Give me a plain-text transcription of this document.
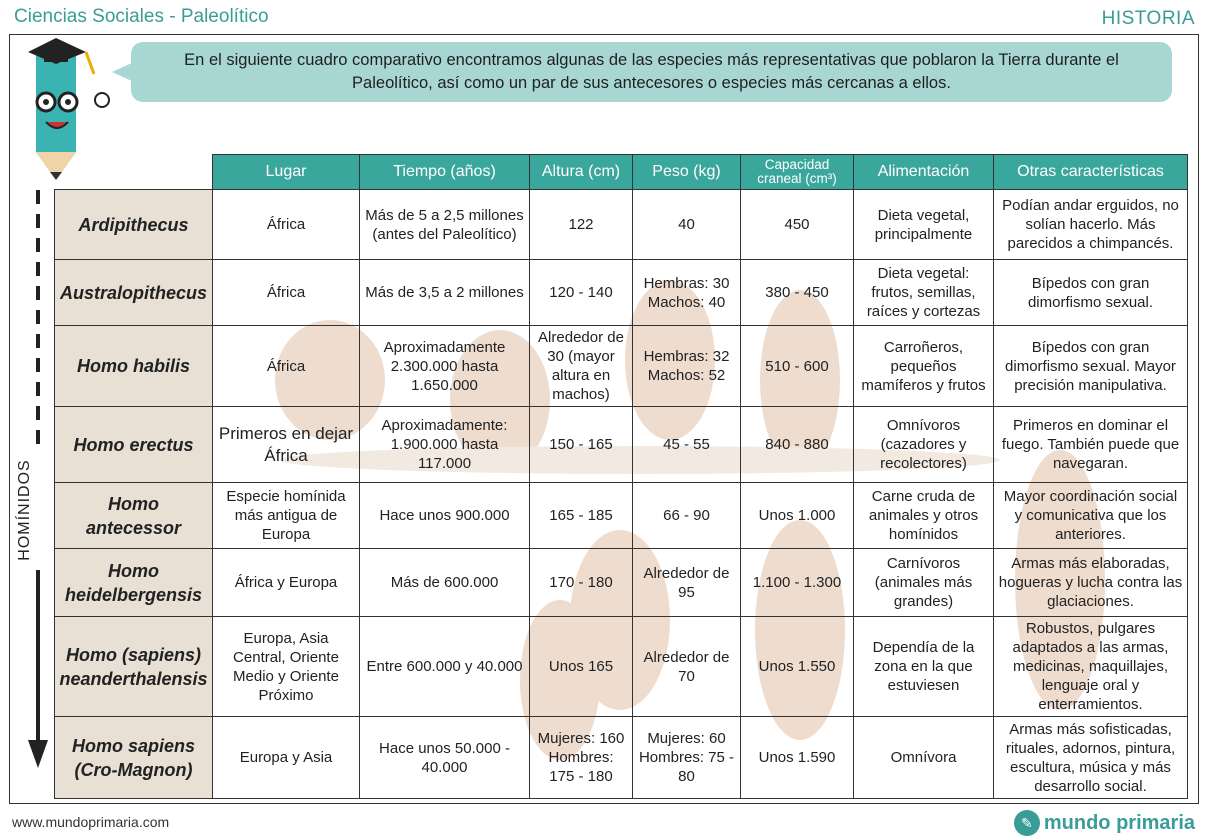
Ciencias Sociales - Paleolítico	HISTORIA
En el siguiente cuadro comparativo encontramos algunas de las especies más representativas que poblaron la Tierra durante el Paleolítico, así como un par de sus antecesores o especies más cercanas a ellos.
HOMÍNIDOS
	Lugar	Tiempo (años)	Altura (cm)	Peso (kg)	Capacidad craneal (cm³)	Alimentación	Otras características
Ardipithecus	África	Más de 5 a 2,5 millones (antes del Paleolítico)	122	40	450	Dieta vegetal, principalmente	Podían andar erguidos, no solían hacerlo. Más parecidos a chimpancés.
Australopithecus	África	Más de 3,5 a 2 millones	120 - 140	Hembras: 30 Machos: 40	380 - 450	Dieta vegetal: frutos, semillas, raíces y cortezas	Bípedos con gran dimorfismo sexual.
Homo habilis	África	Aproximadamente 2.300.000 hasta 1.650.000	Alrededor de 30 (mayor altura en machos)	Hembras: 32 Machos: 52	510 - 600	Carroñeros, pequeños mamíferos y frutos	Bípedos con gran dimorfismo sexual. Mayor precisión manipulativa.
Homo erectus	Primeros en dejar África	Aproximadamente: 1.900.000 hasta 117.000	150 - 165	45 - 55	840 - 880	Omnívoros (cazadores y recolectores)	Primeros en dominar el fuego. También puede que navegaran.
Homo antecessor	Especie homínida más antigua de Europa	Hace unos 900.000	165 - 185	66 - 90	Unos 1.000	Carne cruda de animales y otros homínidos	Mayor coordinación social y comunicativa que los anteriores.
Homo heidelbergensis	África y Europa	Más de 600.000	170 - 180	Alrededor de 95	1.100 - 1.300	Carnívoros (animales más grandes)	Armas más elaboradas, hogueras y lucha contra las glaciaciones.
Homo (sapiens) neanderthalensis	Europa, Asia Central, Oriente Medio y Oriente Próximo	Entre 600.000 y 40.000	Unos 165	Alrededor de 70	Unos 1.550	Dependía de la zona en la que estuviesen	Robustos, pulgares adaptados a las armas, medicinas, maquillajes, lenguaje oral y enterramientos.
Homo sapiens (Cro-Magnon)	Europa y Asia	Hace unos 50.000 - 40.000	Mujeres: 160 Hombres: 175 - 180	Mujeres: 60 Hombres: 75 - 80	Unos 1.590	Omnívora	Armas más sofisticadas, rituales, adornos, pintura, escultura, música y más desarrollo social.
www.mundoprimaria.com	✎ mundo primaria
